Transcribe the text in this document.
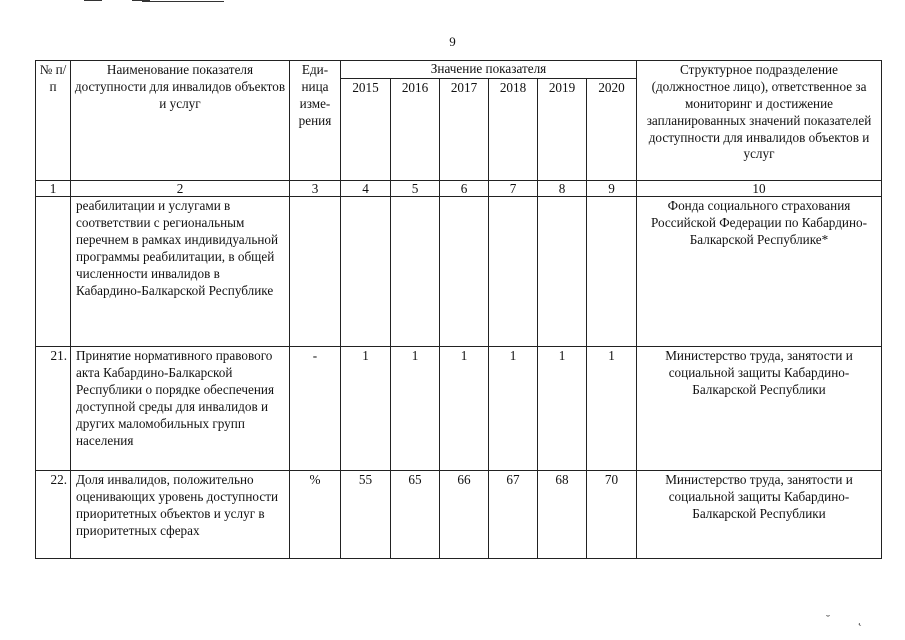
9
№ п/п	Наименование показателя доступности для инвалидов объектов и услуг	Еди-ница изме-рения	Значение показателя						Структурное подразделение (должностное лицо), ответственное за мониторинг и достижение запланированных значений показателей доступности для инвалидов объектов и услуг
			2015	2016	2017	2018	2019	2020	
1	2	3	4	5	6	7	8	9	10
	реабилитации и услугами в соответствии с региональным перечнем в рамках индивидуальной программы реабилитации, в общей численности инвалидов в Кабардино-Балкарской Республике								Фонда социального страхования Российской Федерации по Кабардино-Балкарской Республике*
21.	Принятие нормативного правового акта Кабардино-Балкарской Республики о порядке обеспечения доступной среды для инвалидов и других маломобильных групп населения	-	1	1	1	1	1	1	Министерство труда, занятости и социальной защиты Кабардино-Балкарской Республики
22.	Доля инвалидов, положительно оценивающих уровень доступности приоритетных объектов и услуг в приоритетных сферах	%	55	65	66	67	68	70	Министерство труда, занятости и социальной защиты Кабардино-Балкарской Республики
˘˛
